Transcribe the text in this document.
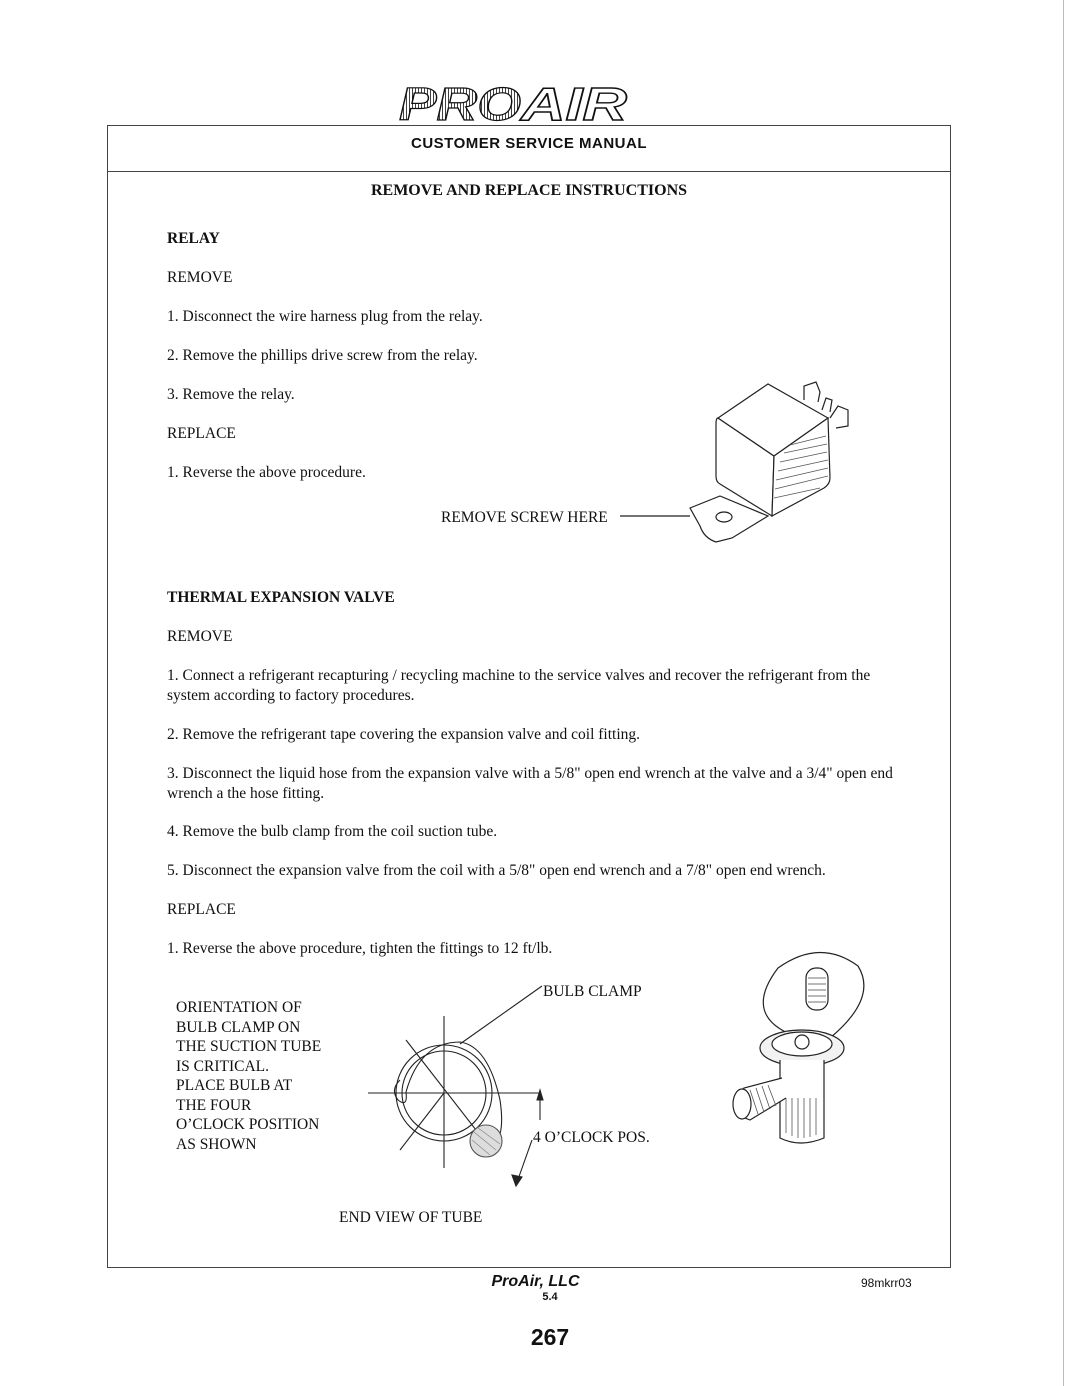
PRO
AIR
CUSTOMER SERVICE MANUAL
REMOVE AND REPLACE INSTRUCTIONS
RELAY
REMOVE
1. Disconnect the wire harness plug from the relay.
2. Remove the phillips drive screw from the relay.
3. Remove the relay.
REPLACE
1. Reverse the above procedure.
REMOVE SCREW HERE
THERMAL EXPANSION VALVE
REMOVE
1. Connect a refrigerant recapturing / recycling machine to the service valves and recover the refrigerant from the system according to factory procedures.
2. Remove the refrigerant tape covering the expansion valve and coil fitting.
3. Disconnect the liquid hose from the expansion valve with a 5/8" open end wrench at the valve and a 3/4" open end wrench a the hose fitting.
4. Remove the bulb clamp from the coil suction tube.
5. Disconnect the expansion valve from the coil with a 5/8" open end wrench and a 7/8" open end wrench.
REPLACE
1. Reverse the above procedure, tighten the fittings to 12 ft/lb.
ORIENTATION OF
BULB CLAMP ON
THE SUCTION TUBE
IS CRITICAL.
PLACE BULB AT
THE FOUR
O’CLOCK POSITION
AS SHOWN
BULB CLAMP
4 O’CLOCK POS.
END VIEW OF TUBE
ProAir, LLC
5.4
98mkrr03
267
